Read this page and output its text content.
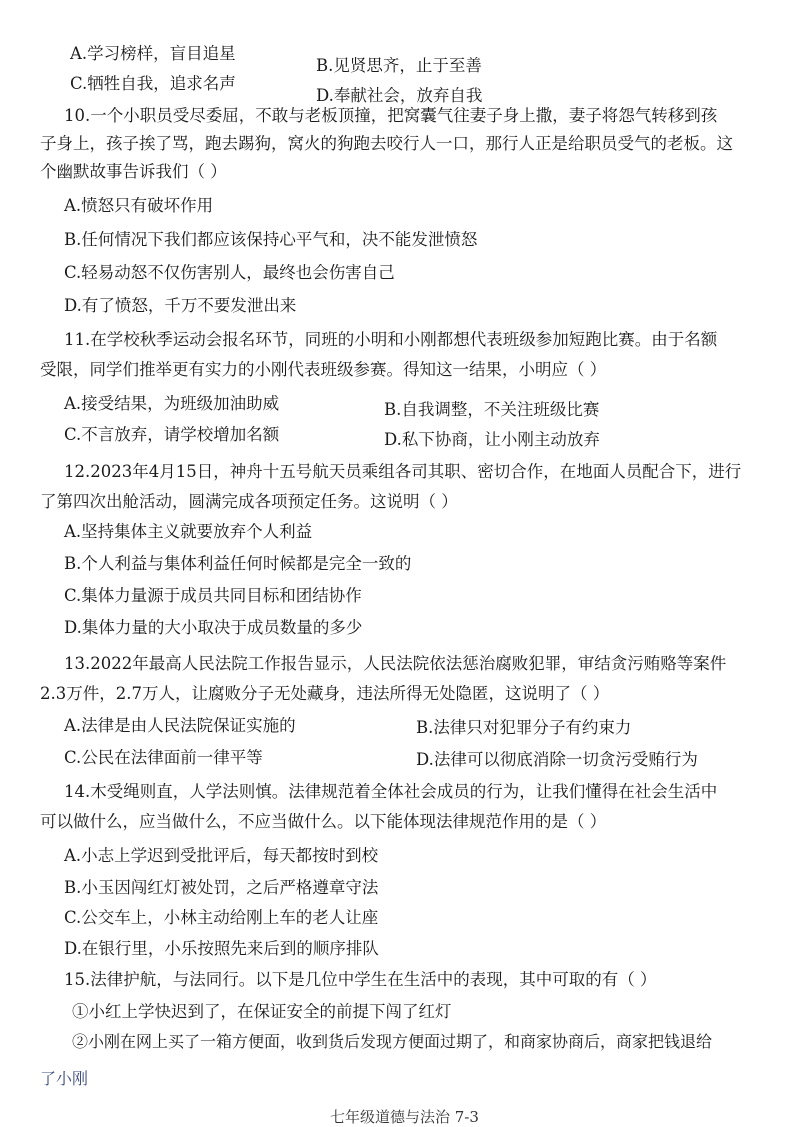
A.学习榜样，盲目追星
B.见贤思齐，止于至善
C.牺牲自我，追求名声
D.奉献社会，放弃自我
10.一个小职员受尽委屈，不敢与老板顶撞，把窝囊气往妻子身上撒，妻子将怨气转移到孩
子身上，孩子挨了骂，跑去踢狗，窝火的狗跑去咬行人一口，那行人正是给职员受气的老板。这
个幽默故事告诉我们（ ）
A.愤怒只有破坏作用
B.任何情况下我们都应该保持心平气和，决不能发泄愤怒
C.轻易动怒不仅伤害别人，最终也会伤害自己
D.有了愤怒，千万不要发泄出来
11.在学校秋季运动会报名环节，同班的小明和小刚都想代表班级参加短跑比赛。由于名额
受限，同学们推举更有实力的小刚代表班级参赛。得知这一结果，小明应（ ）
A.接受结果，为班级加油助威	B.自我调整，不关注班级比赛
C.不言放弃，请学校增加名额	D.私下协商，让小刚主动放弃
12.2023年4月15日，神舟十五号航天员乘组各司其职、密切合作，在地面人员配合下，进行
了第四次出舱活动，圆满完成各项预定任务。这说明（ ）
A.坚持集体主义就要放弃个人利益
B.个人利益与集体利益任何时候都是完全一致的
C.集体力量源于成员共同目标和团结协作
D.集体力量的大小取决于成员数量的多少
13.2022年最高人民法院工作报告显示，人民法院依法惩治腐败犯罪，审结贪污贿赂等案件
2.3万件，2.7万人，让腐败分子无处藏身，违法所得无处隐匿，这说明了（ ）
A.法律是由人民法院保证实施的	B.法律只对犯罪分子有约束力
C.公民在法律面前一律平等	D.法律可以彻底消除一切贪污受贿行为
14.木受绳则直，人学法则慎。法律规范着全体社会成员的行为，让我们懂得在社会生活中
可以做什么，应当做什么，不应当做什么。以下能体现法律规范作用的是（ ）
A.小志上学迟到受批评后，每天都按时到校
B.小玉因闯红灯被处罚，之后严格遵章守法
C.公交车上，小林主动给刚上车的老人让座
D.在银行里，小乐按照先来后到的顺序排队
15.法律护航，与法同行。以下是几位中学生在生活中的表现，其中可取的有（ ）
①小红上学快迟到了，在保证安全的前提下闯了红灯
②小刚在网上买了一箱方便面，收到货后发现方便面过期了，和商家协商后，商家把钱退给
了小刚
七年级道德与法治 7-3
